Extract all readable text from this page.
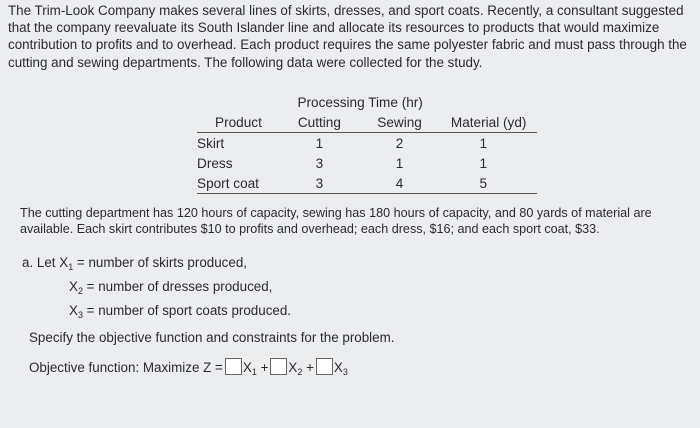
The Trim-Look Company makes several lines of skirts, dresses, and sport coats. Recently, a consultant suggested that the company reevaluate its South Islander line and allocate its resources to products that would maximize contribution to profits and to overhead. Each product requires the same polyester fabric and must pass through the cutting and sewing departments. The following data were collected for the study.
	Processing Time (hr)		
Product	Cutting	Sewing	Material (yd)
Skirt	1	2	1
Dress	3	1	1
Sport coat	3	4	5
The cutting department has 120 hours of capacity, sewing has 180 hours of capacity, and 80 yards of material are available. Each skirt contributes $10 to profits and overhead; each dress, $16; and each sport coat, $33.
a. Let $X_1$ = number of skirts produced,
$X_2$ = number of dresses produced,
$X_3$ = number of sport coats produced.
Specify the objective function and constraints for the problem.
Objective function: Maximize $Z = X_1 + X_2 + X_3$
